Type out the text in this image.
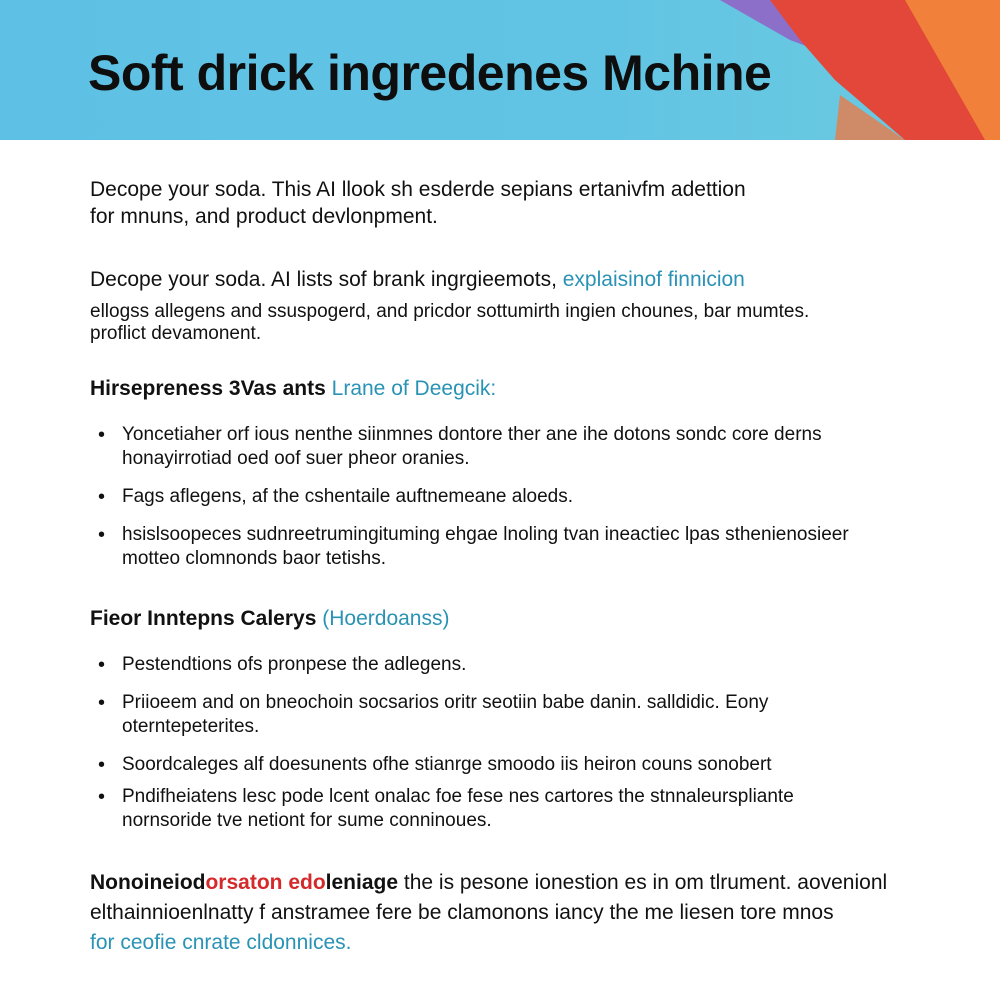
Soft drick ingredenes Mchine

Decope your soda. This AI llook sh esderde sepians ertanivfm adettion

for mnuns, and product devlonpment.

Decope your soda. AI lists sof brank ingrgieemots, explaisinof finnicion

ellogss allegens and ssuspogerd, and pricdor sottumirth ingien chounes, bar mumtes.

proflict devamonent.

Hirsepreness 3Vas ants Lrane of Deegcik:

• Yoncetiaher orf ious nenthe siinmnes dontore ther ane ihe dotons sondc core derns
honayirrotiad oed oof suer pheor oranies.
• Fags aflegens, af the cshentaile auftnemeane aloeds.
• hsislsoopeces sudnreetrumingituming ehgae lnoling tvan ineactiec lpas sthenienosieer
motteo clomnonds baor tetishs.

Fieor Inntepns Calerys (Hoerdoanss)

• Pestendtions ofs pronpese the adlegens.
• Priioeem and on bneochoin socsarios oritr seotiin babe danin. salldidic. Eony
oterntepeterites.
• Soordcaleges alf doesunents ofhe stianrge smoodo iis heiron couns sonobert
• Pndifheiatens lesc pode lcent onalac foe fese nes cartores the stnnaleurspliante
nornsoride tve netiont for sume conninoues.

Nonoineiodorsaton edoleniage the is pesone ionestion es in om tlrument. aovenionl

elthainnioenlnatty f anstramee fere be clamonons iancy the me liesen tore mnos

for ceofie cnrate cldonnices.
